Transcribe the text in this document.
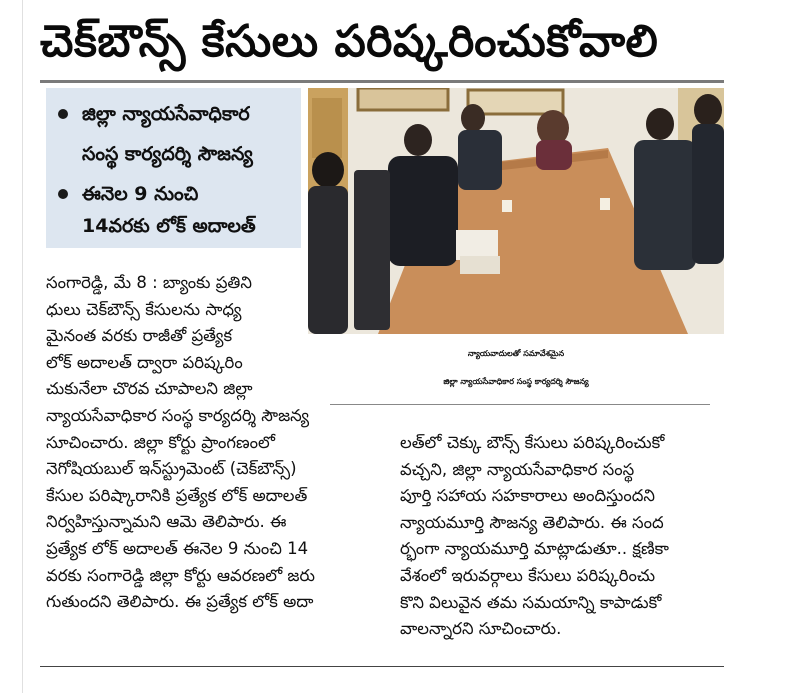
చెక్‌బౌన్స్‌ కేసులు పరిష్కరించుకోవాలి
జిల్లా న్యాయసేవాధికార
సంస్థ కార్యదర్శి సౌజన్య
ఈనెల 9 నుంచి
14వరకు లోక్ అదాలత్
న్యాయవాదులతో సమావేశమైన
జిల్లా న్యాయసేవాధికార సంస్థ కార్యదర్శి సౌజన్య
సంగారెడ్డి, మే 8 : బ్యాంకు ప్రతిని
ధులు చెక్‌బౌన్స్ కేసులను సాధ్య
మైనంత వరకు రాజీతో ప్రత్యేక
లోక్ అదాలత్ ద్వారా పరిష్కరిం
చుకునేలా చొరవ చూపాలని జిల్లా
న్యాయసేవాధికార సంస్థ కార్యదర్శి సౌజన్య
సూచించారు. జిల్లా కోర్టు ప్రాంగణంలో
నెగోషియబుల్ ఇన్‌స్ట్రుమెంట్ (చెక్‌బౌన్స్)
కేసుల పరిష్కారానికి ప్రత్యేక లోక్ అదాలత్
నిర్వహిస్తున్నామని ఆమె తెలిపారు. ఈ
ప్రత్యేక లోక్ అదాలత్ ఈనెల 9 నుంచి 14
వరకు సంగారెడ్డి జిల్లా కోర్టు ఆవరణలో జరు
గుతుందని తెలిపారు. ఈ ప్రత్యేక లోక్ అదా
లత్‌లో చెక్కు బౌన్స్ కేసులు పరిష్కరించుకో
వచ్చని, జిల్లా న్యాయసేవాధికార సంస్థ
పూర్తి సహాయ సహకారాలు అందిస్తుందని
న్యాయమూర్తి సౌజన్య తెలిపారు. ఈ సంద
ర్భంగా న్యాయమూర్తి మాట్లాడుతూ.. క్షణికా
వేశంలో ఇరువర్గాలు కేసులు పరిష్కరించు
కొని విలువైన తమ సమయాన్ని కాపాడుకో
వాలన్నారని సూచించారు.
